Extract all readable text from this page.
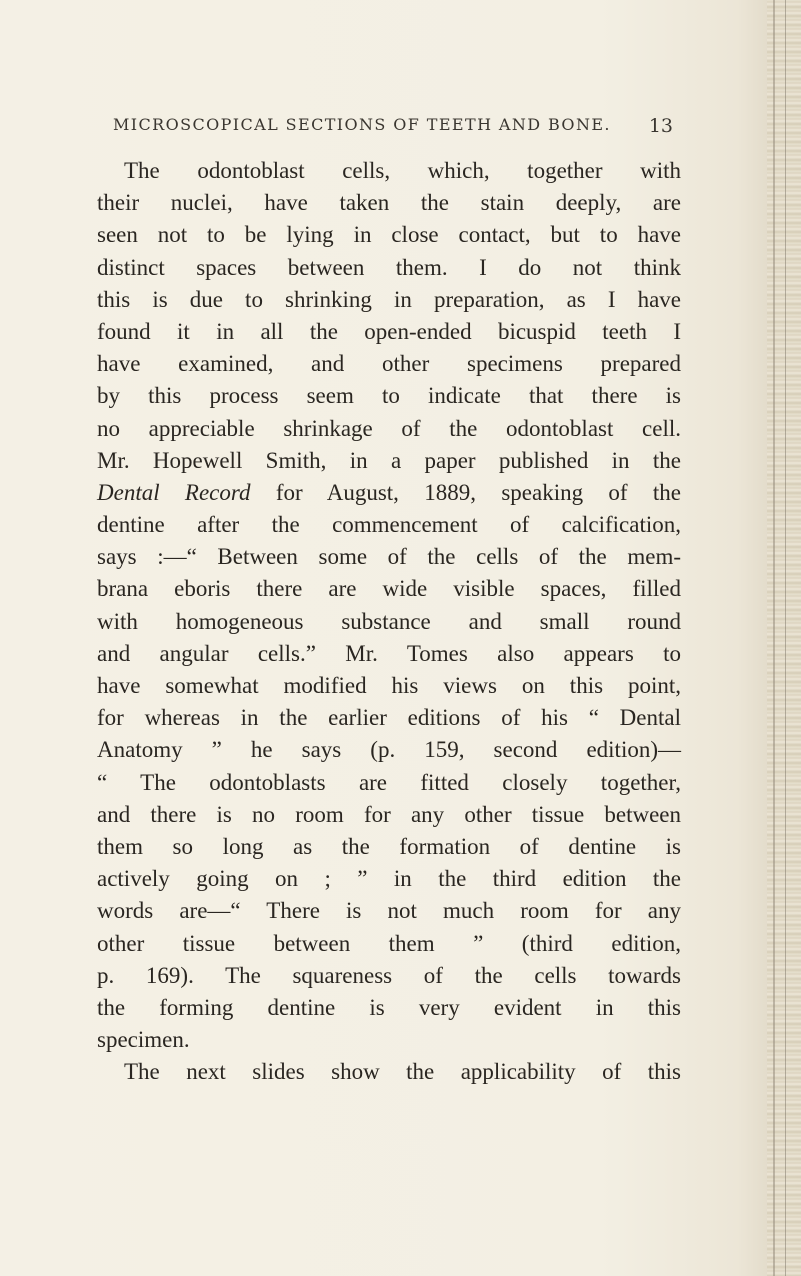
MICROSCOPICAL SECTIONS OF TEETH AND BONE. 13
The odontoblast cells, which, together with
their nuclei, have taken the stain deeply, are
seen not to be lying in close contact, but to have
distinct spaces between them. I do not think
this is due to shrinking in preparation, as I have
found it in all the open-ended bicuspid teeth I
have examined, and other specimens prepared
by this process seem to indicate that there is
no appreciable shrinkage of the odontoblast cell.
Mr. Hopewell Smith, in a paper published in the
Dental Record for August, 1889, speaking of the
dentine after the commencement of calcification,
says :—“ Between some of the cells of the mem-
brana eboris there are wide visible spaces, filled
with homogeneous substance and small round
and angular cells.” Mr. Tomes also appears to
have somewhat modified his views on this point,
for whereas in the earlier editions of his “ Dental
Anatomy ” he says (p. 159, second edition)—
“ The odontoblasts are fitted closely together,
and there is no room for any other tissue between
them so long as the formation of dentine is
actively going on ; ” in the third edition the
words are—“ There is not much room for any
other tissue between them ” (third edition,
p. 169). The squareness of the cells towards
the forming dentine is very evident in this
specimen.
The next slides show the applicability of this
